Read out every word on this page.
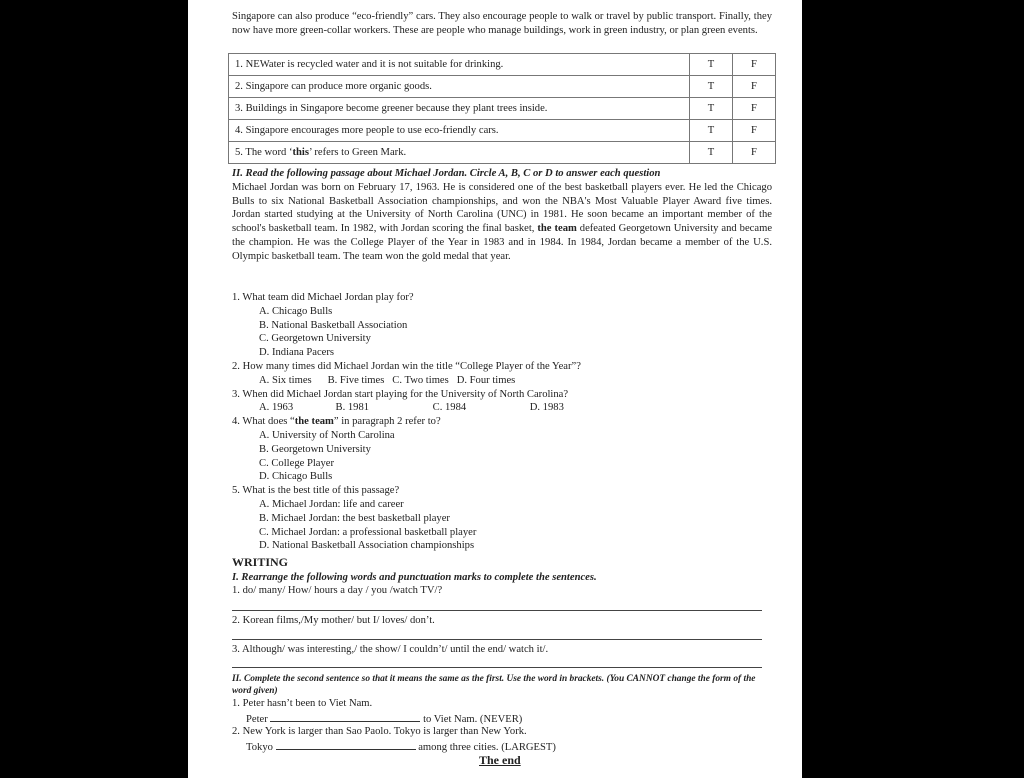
Singapore can also produce “eco-friendly” cars. They also encourage people to walk or travel by public transport. Finally, they now have more green-collar workers. These are people who manage buildings, work in green industry, or plan green events.
1. NEWater is recycled water and it is not suitable for drinking.	T	F
2. Singapore can produce more organic goods.	T	F
3. Buildings in Singapore become greener because they plant trees inside.	T	F
4. Singapore encourages more people to use eco-friendly cars.	T	F
5. The word ‘this’ refers to Green Mark.	T	F
II. Read the following passage about Michael Jordan. Circle A, B, C or D to answer each question
Michael Jordan was born on February 17, 1963. He is considered one of the best basketball players ever. He led the Chicago Bulls to six National Basketball Association championships, and won the NBA's Most Valuable Player Award five times. Jordan started studying at the University of North Carolina (UNC) in 1981. He soon became an important member of the school's basketball team. In 1982, with Jordan scoring the final basket, the team defeated Georgetown University and became the champion. He was the College Player of the Year in 1983 and in 1984. In 1984, Jordan became a member of the U.S. Olympic basketball team. The team won the gold medal that year.
1. What team did Michael Jordan play for?
A. Chicago Bulls
B. National Basketball Association
C. Georgetown University
D. Indiana Pacers
2. How many times did Michael Jordan win the title “College Player of the Year”?
A. Six times      B. Five times   C. Two times   D. Four times
3. When did Michael Jordan start playing for the University of North Carolina?
A. 1963                B. 1981                        C. 1984                        D. 1983
4. What does “the team” in paragraph 2 refer to?
A. University of North Carolina
B. Georgetown University
C. College Player
D. Chicago Bulls
5. What is the best title of this passage?
A. Michael Jordan: life and career
B. Michael Jordan: the best basketball player
C. Michael Jordan: a professional basketball player
D. National Basketball Association championships
WRITING
I. Rearrange the following words and punctuation marks to complete the sentences.
1. do/ many/ How/ hours a day / you /watch TV/?
2. Korean films,/My mother/ but I/ loves/ don’t.
3. Although/ was interesting,/ the show/ I couldn’t/ until the end/ watch it/.
II. Complete the second sentence so that it means the same as the first. Use the word in brackets. (You CANNOT change the form of the word given)
1. Peter hasn’t been to Viet Nam.
Peter	to Viet Nam. (NEVER)
2. New York is larger than Sao Paolo. Tokyo is larger than New York.
Tokyo	among three cities. (LARGEST)
The end
